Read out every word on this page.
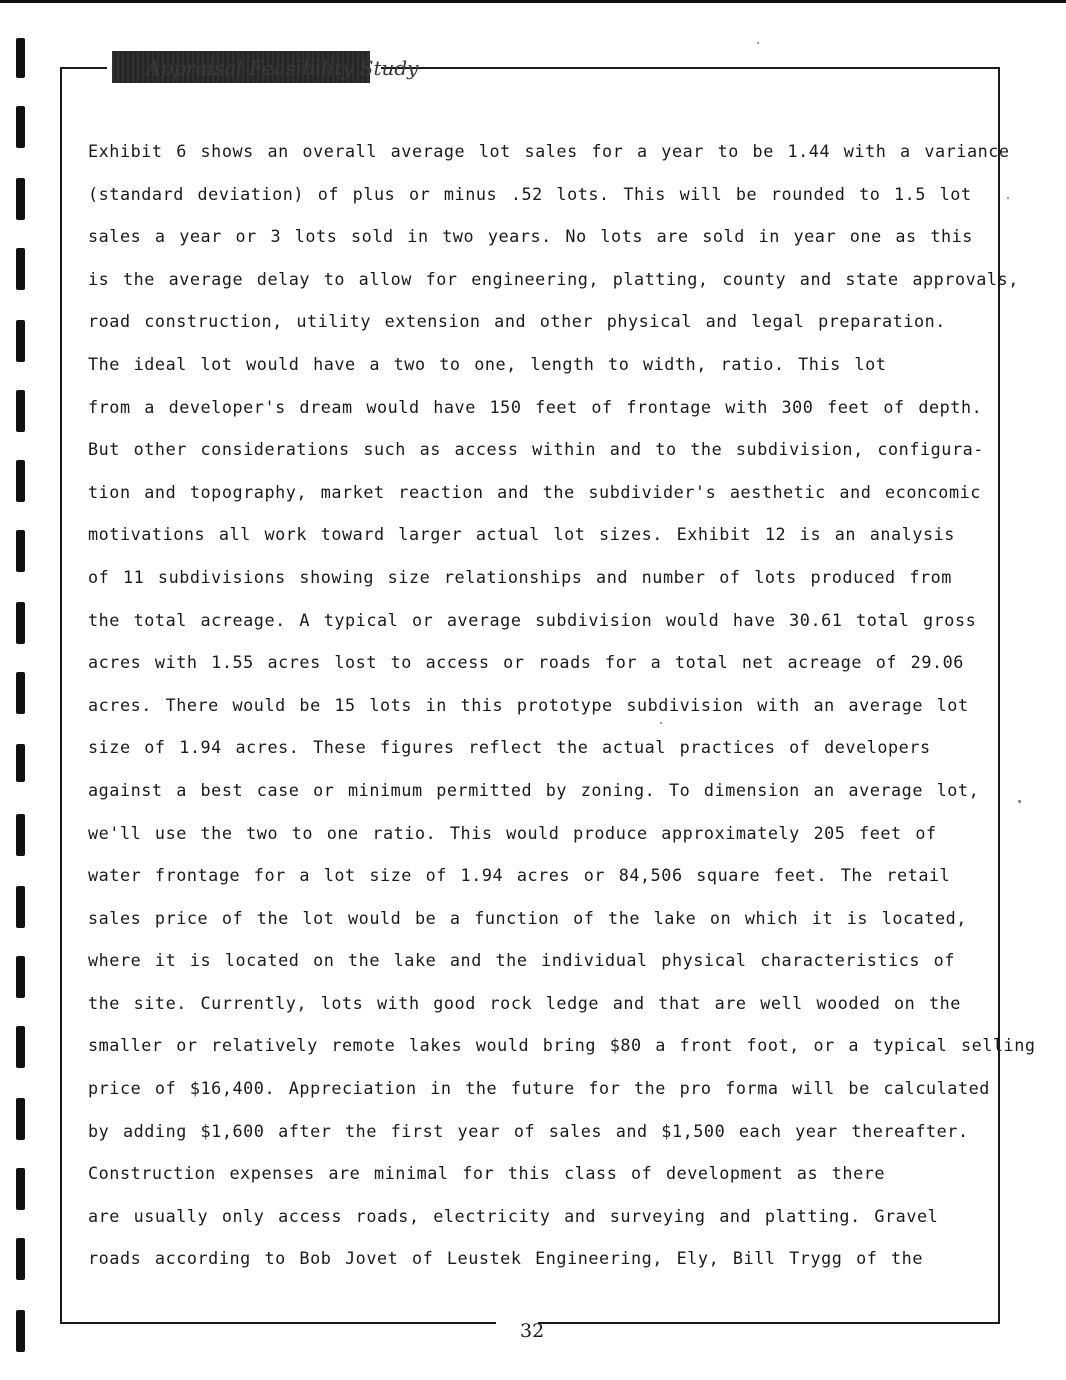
Appraisal Feasibility Study
Exhibit 6 shows an overall average lot sales for a year to be 1.44 with a variance
(standard deviation) of plus or minus .52 lots. This will be rounded to 1.5 lot
sales a year or 3 lots sold in two years. No lots are sold in year one as this
is the average delay to allow for engineering, platting, county and state approvals,
road construction, utility extension and other physical and legal preparation.
The ideal lot would have a two to one, length to width, ratio. This lot
from a developer's dream would have 150 feet of frontage with 300 feet of depth.
But other considerations such as access within and to the subdivision, configura-
tion and topography, market reaction and the subdivider's aesthetic and econcomic
motivations all work toward larger actual lot sizes. Exhibit 12 is an analysis
of 11 subdivisions showing size relationships and number of lots produced from
the total acreage. A typical or average subdivision would have 30.61 total gross
acres with 1.55 acres lost to access or roads for a total net acreage of 29.06
acres. There would be 15 lots in this prototype subdivision with an average lot
size of 1.94 acres. These figures reflect the actual practices of developers
against a best case or minimum permitted by zoning. To dimension an average lot,
we'll use the two to one ratio. This would produce approximately 205 feet of
water frontage for a lot size of 1.94 acres or 84,506 square feet. The retail
sales price of the lot would be a function of the lake on which it is located,
where it is located on the lake and the individual physical characteristics of
the site. Currently, lots with good rock ledge and that are well wooded on the
smaller or relatively remote lakes would bring $80 a front foot, or a typical selling
price of $16,400. Appreciation in the future for the pro forma will be calculated
by adding $1,600 after the first year of sales and $1,500 each year thereafter.
Construction expenses are minimal for this class of development as there
are usually only access roads, electricity and surveying and platting. Gravel
roads according to Bob Jovet of Leustek Engineering, Ely, Bill Trygg of the
32
